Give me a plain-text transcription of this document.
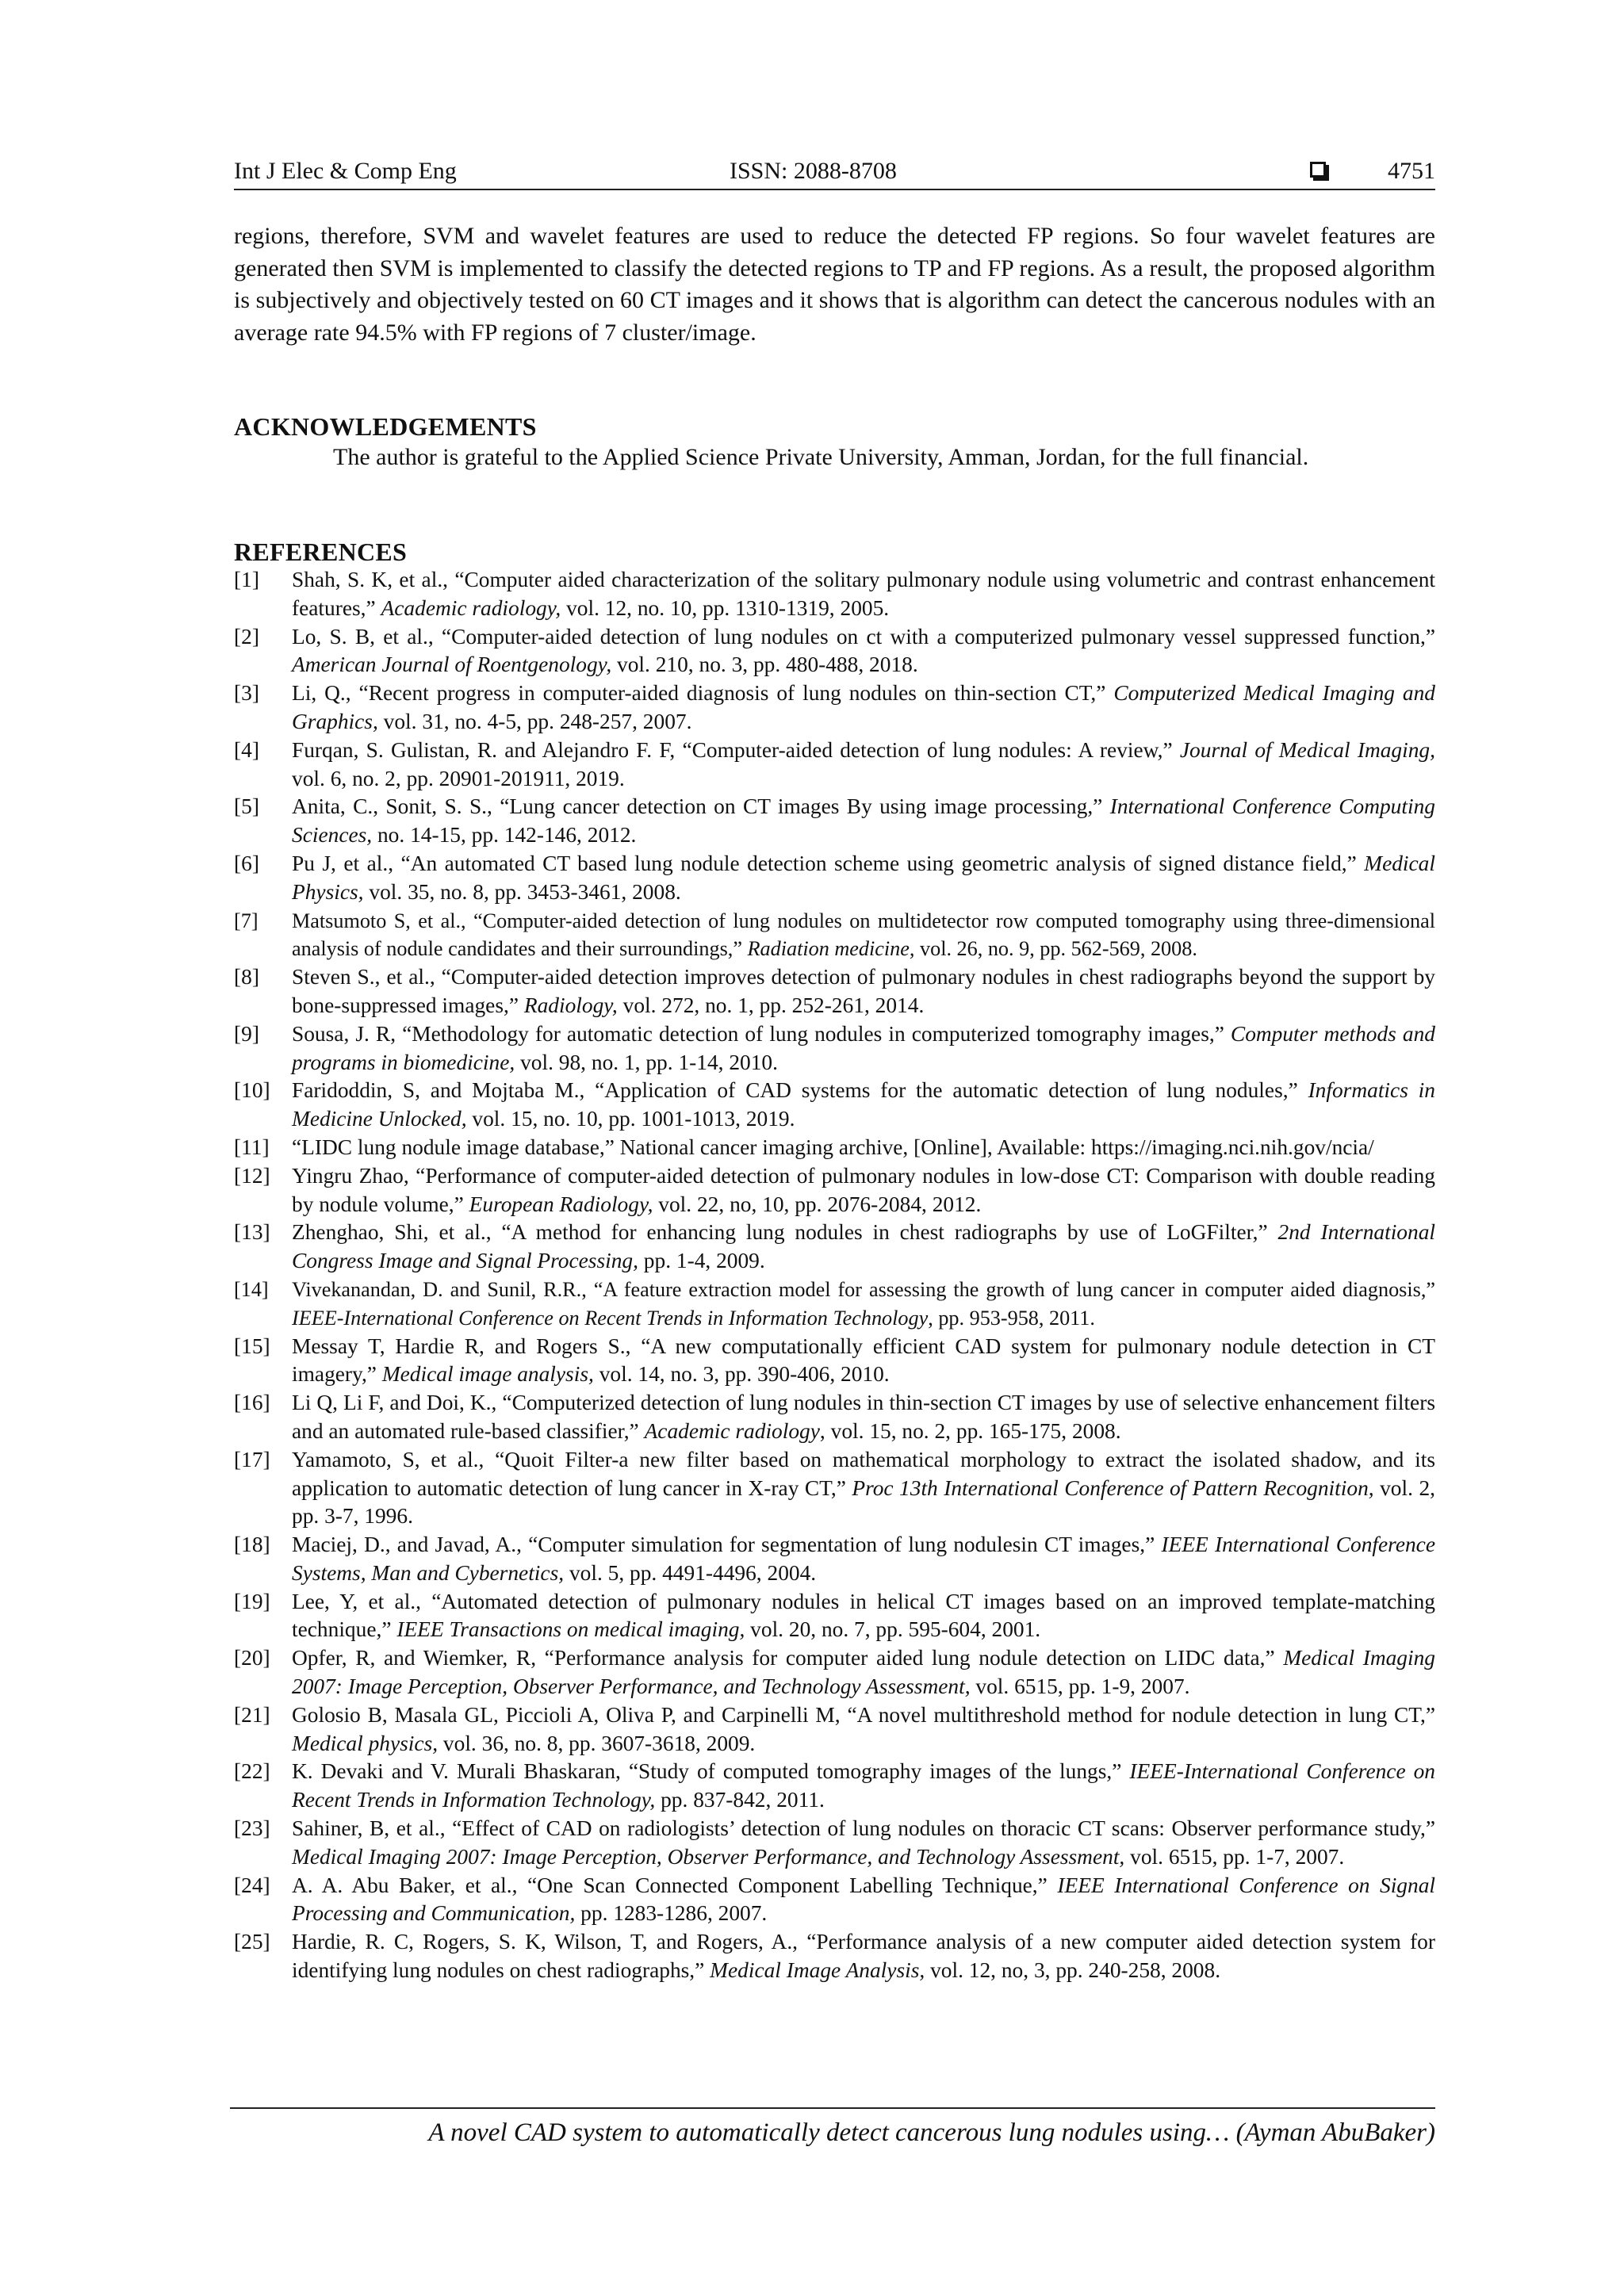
Int J Elec & Comp Eng	ISSN: 2088-8708	4751
regions, therefore, SVM and wavelet features are used to reduce the detected FP regions. So four wavelet features are generated then SVM is implemented to classify the detected regions to TP and FP regions. As a result, the proposed algorithm is subjectively and objectively tested on 60 CT images and it shows that is algorithm can detect the cancerous nodules with an average rate 94.5% with FP regions of 7 cluster/image.
ACKNOWLEDGEMENTS
The author is grateful to the Applied Science Private University, Amman, Jordan, for the full financial.
REFERENCES
[1]	Shah, S. K, et al., “Computer aided characterization of the solitary pulmonary nodule using volumetric and contrast enhancement features,” Academic radiology, vol. 12, no. 10, pp. 1310-1319, 2005.
[2]	Lo, S. B, et al., “Computer-aided detection of lung nodules on ct with a computerized pulmonary vessel suppressed function,” American Journal of Roentgenology, vol. 210, no. 3, pp. 480-488, 2018.
[3]	Li, Q., “Recent progress in computer-aided diagnosis of lung nodules on thin-section CT,” Computerized Medical Imaging and Graphics, vol. 31, no. 4-5, pp. 248-257, 2007.
[4]	Furqan, S. Gulistan, R. and Alejandro F. F, “Computer-aided detection of lung nodules: A review,” Journal of Medical Imaging, vol. 6, no. 2, pp. 20901-201911, 2019.
[5]	Anita, C., Sonit, S. S., “Lung cancer detection on CT images By using image processing,” International Conference Computing Sciences, no. 14-15, pp. 142-146, 2012.
[6]	Pu J, et al., “An automated CT based lung nodule detection scheme using geometric analysis of signed distance field,” Medical Physics, vol. 35, no. 8, pp. 3453-3461, 2008.
[7]	Matsumoto S, et al., “Computer-aided detection of lung nodules on multidetector row computed tomography using three-dimensional analysis of nodule candidates and their surroundings,” Radiation medicine, vol. 26, no. 9, pp. 562-569, 2008.
[8]	Steven S., et al., “Computer-aided detection improves detection of pulmonary nodules in chest radiographs beyond the support by bone-suppressed images,” Radiology, vol. 272, no. 1, pp. 252-261, 2014.
[9]	Sousa, J. R, “Methodology for automatic detection of lung nodules in computerized tomography images,” Computer methods and programs in biomedicine, vol. 98, no. 1, pp. 1-14, 2010.
[10] Faridoddin, S, and Mojtaba M., “Application of CAD systems for the automatic detection of lung nodules,” Informatics in Medicine Unlocked, vol. 15, no. 10, pp. 1001-1013, 2019.
[11]	“LIDC lung nodule image database,” National cancer imaging archive, [Online], Available: https://imaging.nci.nih.gov/ncia/
[12] Yingru Zhao, “Performance of computer-aided detection of pulmonary nodules in low-dose CT: Comparison with double reading by nodule volume,” European Radiology, vol. 22, no, 10, pp. 2076-2084, 2012.
[13] Zhenghao, Shi, et al., “A method for enhancing lung nodules in chest radiographs by use of LoGFilter,” 2nd International Congress Image and Signal Processing, pp. 1-4, 2009.
[14]	Vivekanandan, D. and Sunil, R.R., “A feature extraction model for assessing the growth of lung cancer in computer aided diagnosis,” IEEE-International Conference on Recent Trends in Information Technology, pp. 953-958, 2011.
[15] Messay T, Hardie R, and Rogers S., “A new computationally efficient CAD system for pulmonary nodule detection in CT imagery,” Medical image analysis, vol. 14, no. 3, pp. 390-406, 2010.
[16] Li Q, Li F, and Doi, K., “Computerized detection of lung nodules in thin-section CT images by use of selective enhancement filters and an automated rule-based classifier,” Academic radiology, vol. 15, no. 2, pp. 165-175, 2008.
[17] Yamamoto, S, et al., “Quoit Filter-a new filter based on mathematical morphology to extract the isolated shadow, and its application to automatic detection of lung cancer in X-ray CT,” Proc 13th International Conference of Pattern Recognition, vol. 2, pp. 3-7, 1996.
[18] Maciej, D., and Javad, A., “Computer simulation for segmentation of lung nodulesin CT images,” IEEE International Conference Systems, Man and Cybernetics, vol. 5, pp. 4491-4496, 2004.
[19] Lee, Y, et al., “Automated detection of pulmonary nodules in helical CT images based on an improved template-matching technique,” IEEE Transactions on medical imaging, vol. 20, no. 7, pp. 595-604, 2001.
[20] Opfer, R, and Wiemker, R, “Performance analysis for computer aided lung nodule detection on LIDC data,” Medical Imaging 2007: Image Perception, Observer Performance, and Technology Assessment, vol. 6515, pp. 1-9, 2007.
[21] Golosio B, Masala GL, Piccioli A, Oliva P, and Carpinelli M, “A novel multithreshold method for nodule detection in lung CT,” Medical physics, vol. 36, no. 8, pp. 3607-3618, 2009.
[22] K. Devaki and V. Murali Bhaskaran, “Study of computed tomography images of the lungs,” IEEE-International Conference on Recent Trends in Information Technology, pp. 837-842, 2011.
[23] Sahiner, B, et al., “Effect of CAD on radiologists’ detection of lung nodules on thoracic CT scans: Observer performance study,” Medical Imaging 2007: Image Perception, Observer Performance, and Technology Assessment, vol. 6515, pp. 1-7, 2007.
[24] A. A. Abu Baker, et al., “One Scan Connected Component Labelling Technique,” IEEE International Conference on Signal Processing and Communication, pp. 1283-1286, 2007.
[25] Hardie, R. C, Rogers, S. K, Wilson, T, and Rogers, A., “Performance analysis of a new computer aided detection system for identifying lung nodules on chest radiographs,” Medical Image Analysis, vol. 12, no, 3, pp. 240-258, 2008.
A novel CAD system to automatically detect cancerous lung nodules using… (Ayman AbuBaker)
